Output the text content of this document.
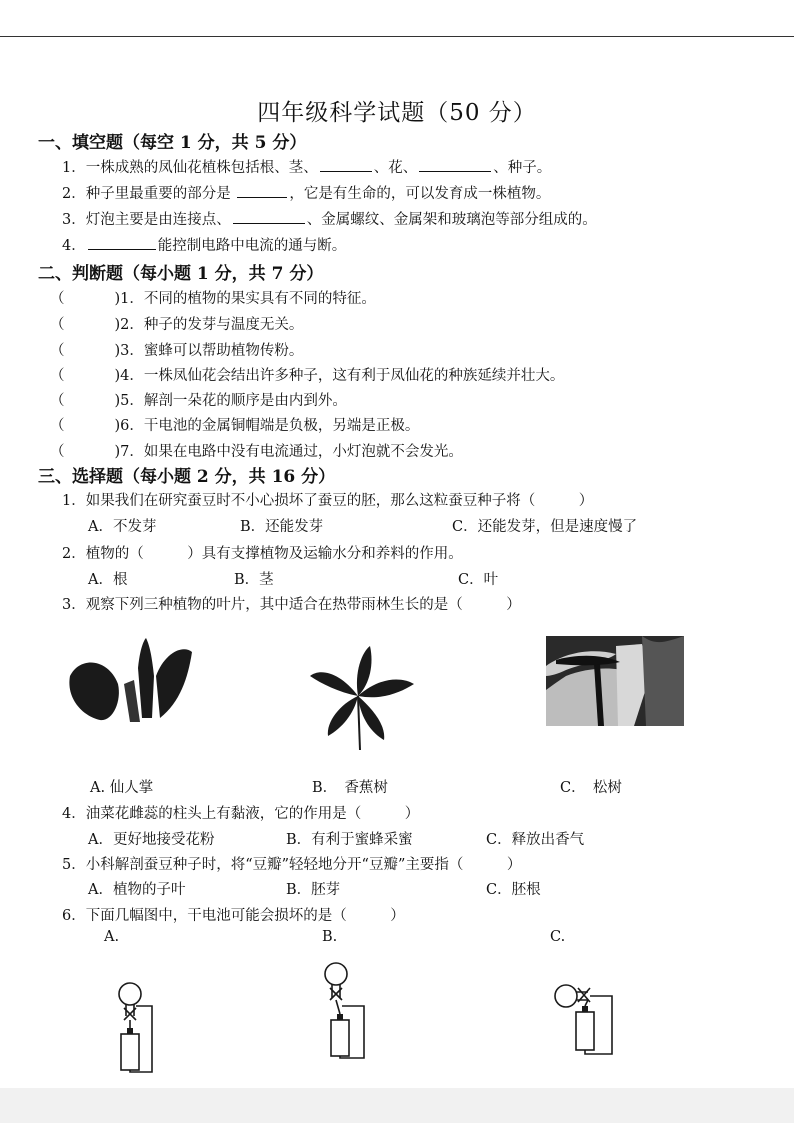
四年级科学试题（50 分）
一、填空题（每空 1 分，共 5 分）
1．一株成熟的凤仙花植株包括根、茎、	、花、	、种子。
2．种子里最重要的部分是	，它是有生命的，可以发育成一株植物。
3．灯泡主要是由连接点、	、金属螺纹、金属架和玻璃泡等部分组成的。
4．	能控制电路中电流的通与断。
二、判断题（每小题 1 分，共 7 分）
（	)1．不同的植物的果实具有不同的特征。
（	)2．种子的发芽与温度无关。
（	)3．蜜蜂可以帮助植物传粉。
（	)4．一株凤仙花会结出许多种子，这有利于凤仙花的种族延续并壮大。
（	)5．解剖一朵花的顺序是由内到外。
（	)6．干电池的金属铜帽端是负极，另端是正极。
（	)7．如果在电路中没有电流通过，小灯泡就不会发光。
三、选择题（每小题 2 分，共 16 分）
1．如果我们在研究蚕豆时不小心损坏了蚕豆的胚，那么这粒蚕豆种子将（　　　）
A．不发芽	B．还能发芽	C．还能发芽，但是速度慢了
2．植物的（　　　）具有支撑植物及运输水分和养料的作用。
A．根	B．茎	C．叶
3．观察下列三种植物的叶片，其中适合在热带雨林生长的是（　　　）
A. 仙人掌	B．　香蕉树	C．　松树
4．油菜花雌蕊的柱头上有黏液，它的作用是（　　　）
A．更好地接受花粉	B．有利于蜜蜂采蜜	C．释放出香气
5．小科解剖蚕豆种子时，将“豆瓣”轻轻地分开“豆瓣”主要指（　　　）
A．植物的子叶	B．胚芽	C．胚根
6．下面几幅图中，干电池可能会损坏的是（　　　）
A.	B.	C.
